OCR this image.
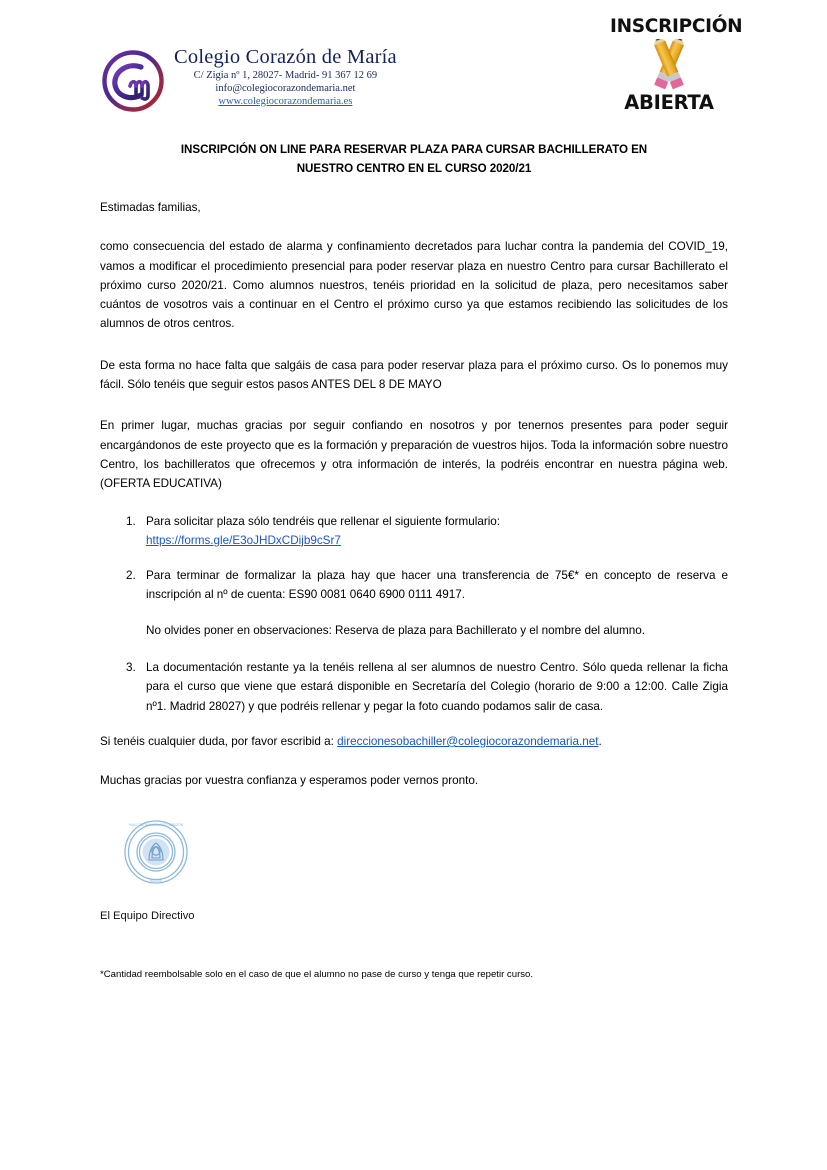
Colegio Corazón de María
C/ Zigia nº 1, 28027- Madrid- 91 367 12 69
info@colegiocorazondemaria.net
www.colegiocorazondemaria.es
INSCRIPCIÓN
ABIERTA
INSCRIPCIÓN ON LINE PARA RESERVAR PLAZA PARA CURSAR BACHILLERATO EN
NUESTRO CENTRO EN EL CURSO 2020/21

Estimadas familias,

como consecuencia del estado de alarma y confinamiento decretados para luchar contra la pandemia del COVID_19, vamos a modificar el procedimiento presencial para poder reservar plaza en nuestro Centro para cursar Bachillerato el próximo curso 2020/21. Como alumnos nuestros, tenéis prioridad en la solicitud de plaza, pero necesitamos saber cuántos de vosotros vais a continuar en el Centro el próximo curso ya que estamos recibiendo las solicitudes de los alumnos de otros centros.

De esta forma no hace falta que salgáis de casa para poder reservar plaza para el próximo curso. Os lo ponemos muy fácil. Sólo tenéis que seguir estos pasos ANTES DEL 8 DE MAYO

En primer lugar, muchas gracias por seguir confiando en nosotros y por tenernos presentes para poder seguir encargándonos de este proyecto que es la formación y preparación de vuestros hijos. Toda la información sobre nuestro Centro, los bachilleratos que ofrecemos y otra información de interés, la podréis encontrar en nuestra página web. (OFERTA EDUCATIVA)

1. Para solicitar plaza sólo tendréis que rellenar el siguiente formulario:
https://forms.gle/E3oJHDxCDijb9cSr7
2. Para terminar de formalizar la plaza hay que hacer una transferencia de 75€* en concepto de reserva e inscripción al nº de cuenta: ES90 0081 0640 6900 0111 4917.
No olvides poner en observaciones: Reserva de plaza para Bachillerato y el nombre del alumno.
3. La documentación restante ya la tenéis rellena al ser alumnos de nuestro Centro. Sólo queda rellenar la ficha para el curso que viene que estará disponible en Secretaría del Colegio (horario de 9:00 a 12:00. Calle Zigia nº1. Madrid 28027) y que podréis rellenar y pegar la foto cuando podamos salir de casa.

Si tenéis cualquier duda, por favor escribid a: direccionesobachiller@colegiocorazondemaria.net.

Muchas gracias por vuestra confianza y esperamos poder vernos pronto.

HIJAS DEL INMACULADO CORAZÓN
MADRID
El Equipo Directivo
*Cantidad reembolsable solo en el caso de que el alumno no pase de curso y tenga que repetir curso.
